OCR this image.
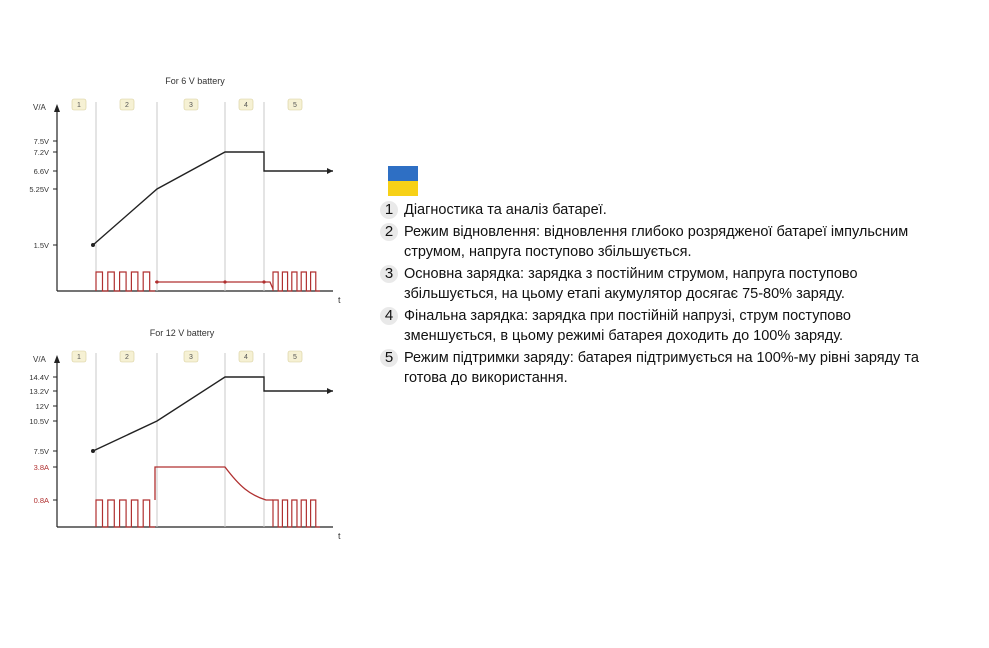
For 6 V battery
V/A
t
1	2	3	4	5
7.5V
7.2V
6.6V
5.25V
1.5V
For 12 V battery
V/A
t
1	2	3	4	5
14.4V
13.2V
12V
10.5V
7.5V
3.8A
0.8A
1 Діагностика та аналіз батареї.
2 Режим відновлення: відновлення глибоко розрядженої батареї імпульсним струмом, напруга поступово збільшується.
3 Основна зарядка: зарядка з постійним струмом, напруга поступово збільшується, на цьому етапі акумулятор досягає 75-80% заряду.
4 Фінальна зарядка: зарядка при постійній напрузі, струм поступово зменшується, в цьому режимі батарея доходить до 100% заряду.
5 Режим підтримки заряду: батарея підтримується на 100%-му рівні заряду та готова до використання.
